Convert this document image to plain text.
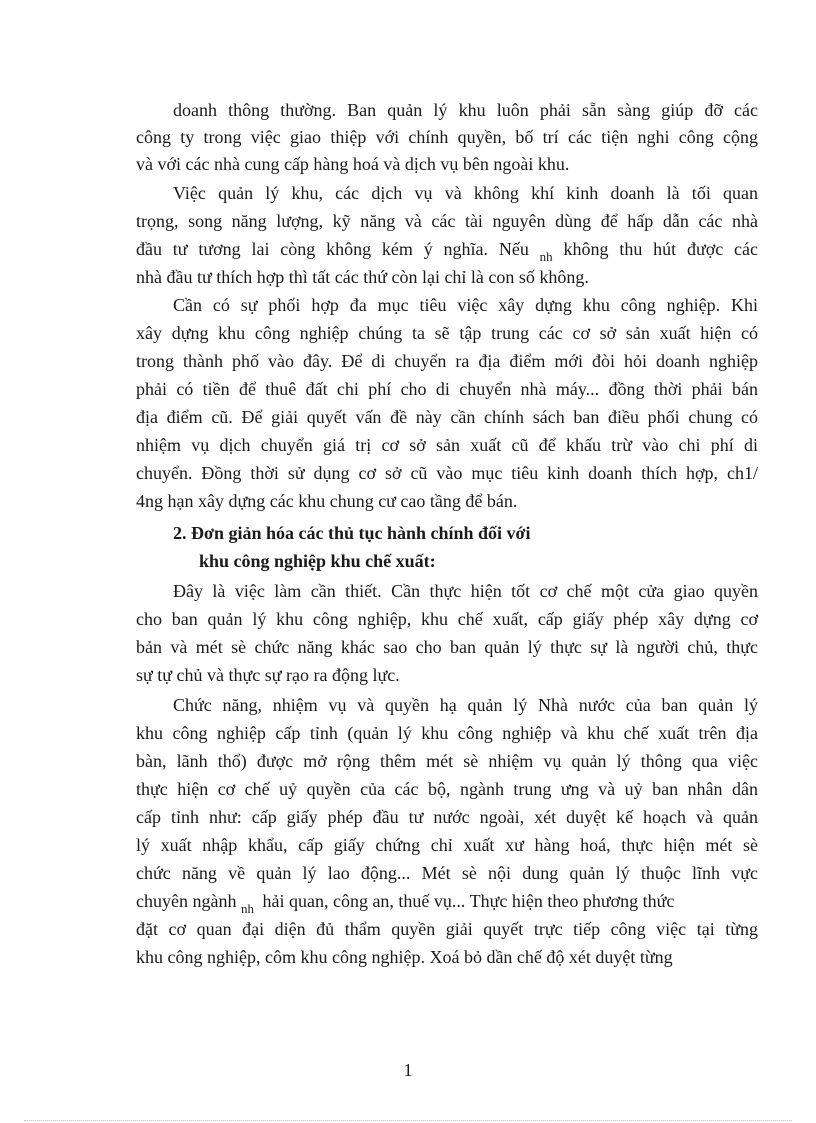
doanh thông thường. Ban quản lý khu luôn phải sẵn sàng giúp đỡ các
công ty trong việc giao thiệp với chính quyền, bố trí các tiện nghi công cộng
và với các nhà cung cấp hàng hoá và dịch vụ bên ngoài khu.
Việc quản lý khu, các dịch vụ và không khí kinh doanh là tối quan
trọng, song năng lượng, kỹ năng và các tài nguyên dùng để hấp dẫn các nhà
đầu tư tương lai còng không kém ý nghĩa. Nếu $_{nh}$ không thu hút được các
nhà đầu tư thích hợp thì tất các thứ còn lại chỉ là con số không.
Cần có sự phối hợp đa mục tiêu việc xây dựng khu công nghiệp. Khi
xây dựng khu công nghiệp chúng ta sẽ tập trung các cơ sở sản xuất hiện có
trong thành phố vào đây. Để di chuyển ra địa điểm mới đòi hỏi doanh nghiệp
phải có tiền để thuê đất chi phí cho di chuyển nhà máy... đồng thời phải bán
địa điểm cũ. Để giải quyết vấn đề này cần chính sách ban điều phối chung có
nhiệm vụ dịch chuyển giá trị cơ sở sản xuất cũ để khấu trừ vào chi phí di
chuyển. Đồng thời sử dụng cơ sở cũ vào mục tiêu kinh doanh thích hợp, ch1/
4ng hạn xây dựng các khu chung cư cao tầng để bán.
2. Đơn giản hóa các thủ tục hành chính đối với
khu công nghiệp khu chế xuất:
Đây là việc làm cần thiết. Cần thực hiện tốt cơ chế một cửa giao quyền
cho ban quản lý khu công nghiệp, khu chế xuất, cấp giấy phép xây dựng cơ
bản và mét sè chức năng khác sao cho ban quản lý thực sự là người chủ, thực
sự tự chủ và thực sự rạo ra động lực.
Chức năng, nhiệm vụ và quyền hạ quản lý Nhà nước của ban quản lý
khu công nghiệp cấp tỉnh (quản lý khu công nghiệp và khu chế xuất trên địa
bàn, lãnh thổ) được mở rộng thêm mét sè nhiệm vụ quản lý thông qua việc
thực hiện cơ chế uỷ quyền của các bộ, ngành trung ưng và uỷ ban nhân dân
cấp tỉnh như: cấp giấy phép đầu tư nước ngoài, xét duyệt kế hoạch và quản
lý xuất nhập khẩu, cấp giấy chứng chỉ xuất xư hàng hoá, thực hiện mét sè
chức năng về quản lý lao động... Mét sè nội dung quản lý thuộc lĩnh vực
chuyên ngành $_{nh}$ hải quan, công an, thuế vụ... Thực hiện theo phương thức
đặt cơ quan đại diện đủ thẩm quyền giải quyết trực tiếp công việc tại từng
khu công nghiệp, côm khu công nghiệp. Xoá bỏ dần chế độ xét duyệt từng
1
